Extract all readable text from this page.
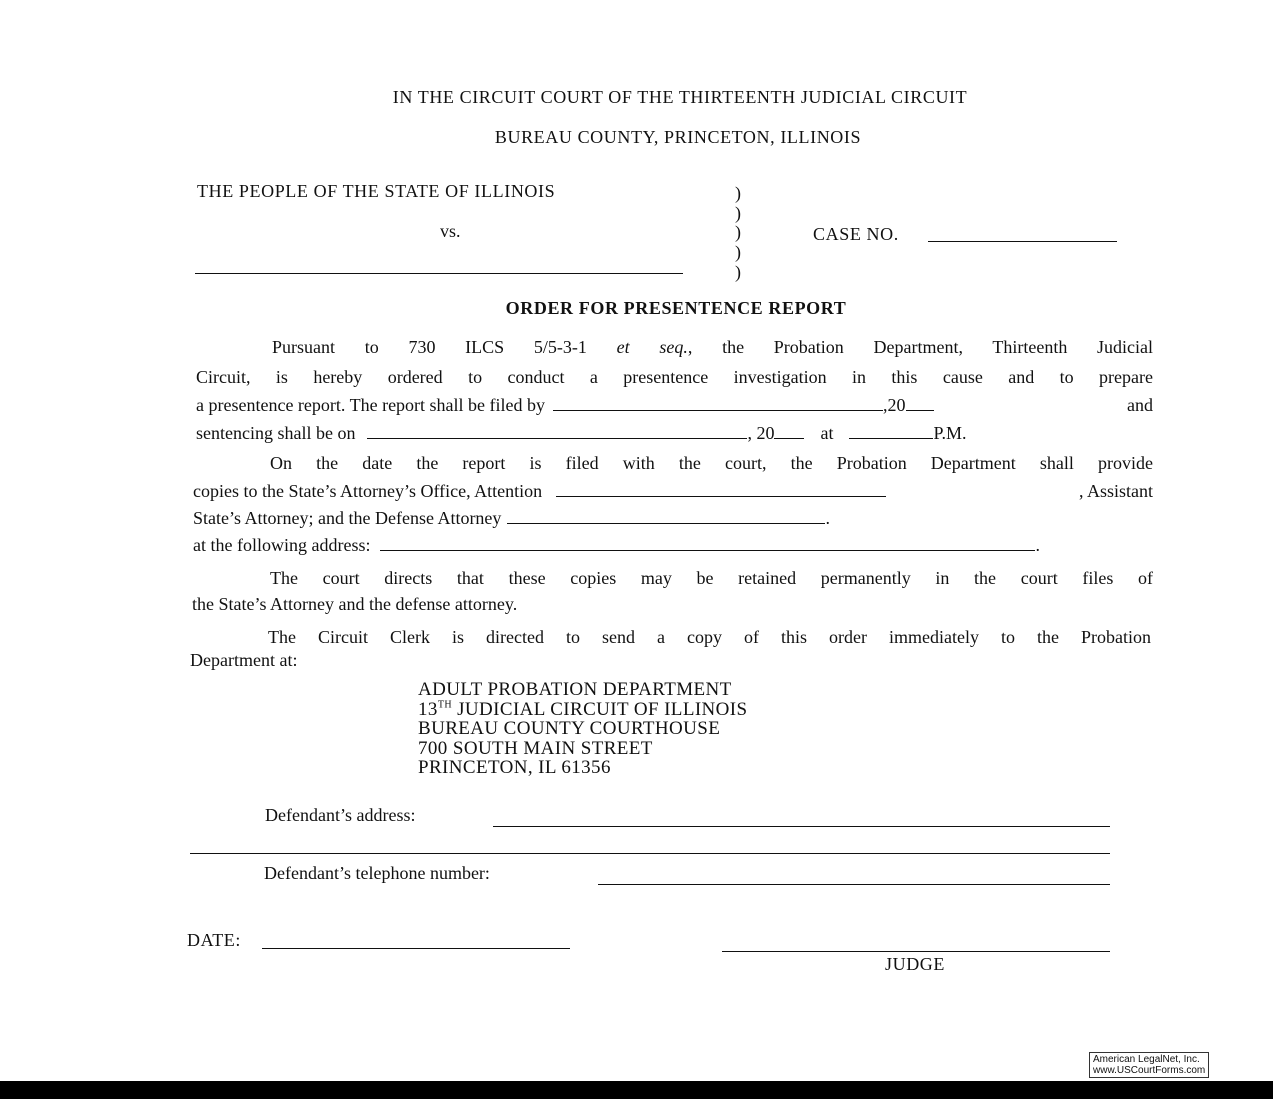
IN THE CIRCUIT COURT OF THE THIRTEENTH JUDICIAL CIRCUIT
BUREAU COUNTY, PRINCETON, ILLINOIS
THE PEOPLE OF THE STATE OF ILLINOIS
vs.
)
)
)
)
)
CASE NO.
ORDER FOR PRESENTENCE REPORT
Pursuant to 730 ILCS 5/5-3-1 et seq., the Probation Department, Thirteenth Judicial
Circuit, is hereby ordered to conduct a presentence investigation in this cause and to prepare
a presentence report. The report shall be filed by	,20	and
sentencing shall be on	, 20	at	P.M.
On the date the report is filed with the court, the Probation Department shall provide
copies to the State’s Attorney’s Office, Attention	, Assistant
State’s Attorney; and the Defense Attorney	.
at the following address:	.
The court directs that these copies may be retained permanently in the court files of
the State’s Attorney and the defense attorney.
The Circuit Clerk is directed to send a copy of this order immediately to the Probation
Department at:
ADULT PROBATION DEPARTMENT
13TH JUDICIAL CIRCUIT OF ILLINOIS
BUREAU COUNTY COURTHOUSE
700 SOUTH MAIN STREET
PRINCETON, IL 61356
Defendant’s address:
Defendant’s telephone number:
DATE:
JUDGE
American LegalNet, Inc.
www.USCourtForms.com
